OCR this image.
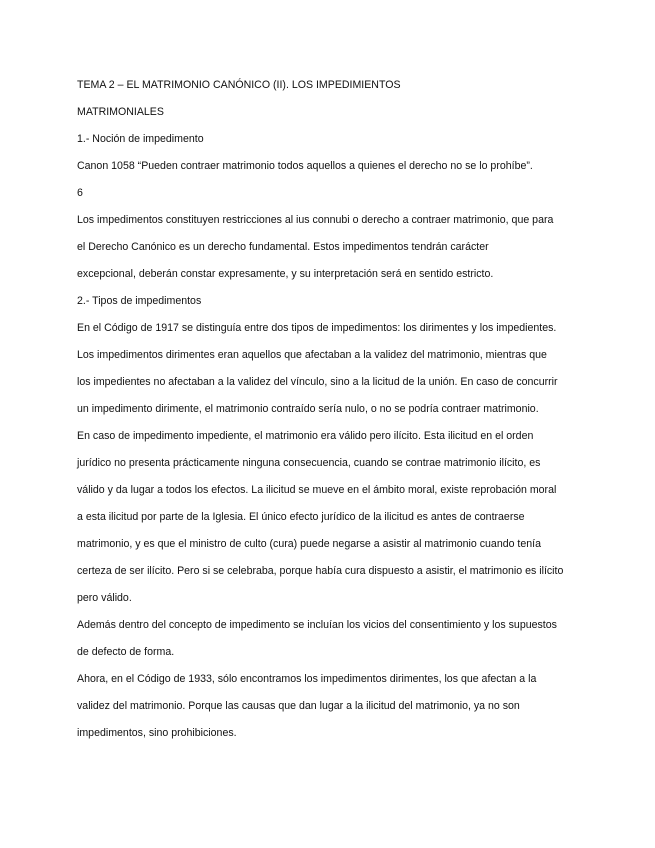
TEMA 2 – EL MATRIMONIO CANÓNICO (II). LOS IMPEDIMIENTOS
MATRIMONIALES
1.- Noción de impedimento
Canon 1058 “Pueden contraer matrimonio todos aquellos a quienes el derecho no se lo prohíbe”.
6
Los impedimentos constituyen restricciones al ius connubi o derecho a contraer matrimonio, que para
el Derecho Canónico es un derecho fundamental. Estos impedimentos tendrán carácter
excepcional, deberán constar expresamente, y su interpretación será en sentido estricto.
2.- Tipos de impedimentos
En el Código de 1917 se distinguía entre dos tipos de impedimentos: los dirimentes y los impedientes.
Los impedimentos dirimentes eran aquellos que afectaban a la validez del matrimonio, mientras que
los impedientes no afectaban a la validez del vínculo, sino a la licitud de la unión. En caso de concurrir
un impedimento dirimente, el matrimonio contraído sería nulo, o no se podría contraer matrimonio.
En caso de impedimento impediente, el matrimonio era válido pero ilícito. Esta ilicitud en el orden
jurídico no presenta prácticamente ninguna consecuencia, cuando se contrae matrimonio ilícito, es
válido y da lugar a todos los efectos. La ilicitud se mueve en el ámbito moral, existe reprobación moral
a esta ilicitud por parte de la Iglesia. El único efecto jurídico de la ilicitud es antes de contraerse
matrimonio, y es que el ministro de culto (cura) puede negarse a asistir al matrimonio cuando tenía
certeza de ser ilícito. Pero si se celebraba, porque había cura dispuesto a asistir, el matrimonio es ilícito
pero válido.
Además dentro del concepto de impedimento se incluían los vicios del consentimiento y los supuestos
de defecto de forma.
Ahora, en el Código de 1933, sólo encontramos los impedimentos dirimentes, los que afectan a la
validez del matrimonio. Porque las causas que dan lugar a la ilicitud del matrimonio, ya no son
impedimentos, sino prohibiciones.
